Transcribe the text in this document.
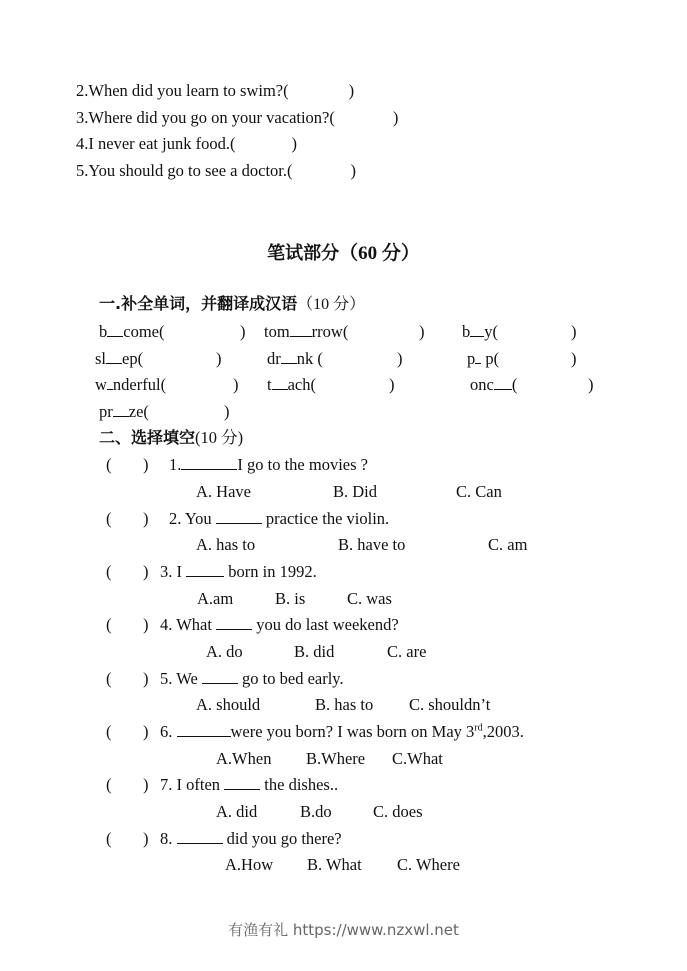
2.When did you learn to swim?(	)
3.Where did you go on your vacation?(	)
4.I never eat junk food.(	)
5.You should go to see a doctor.(	)
笔试部分（60 分）
一.补全单词，并翻译成汉语（10 分）
b come(	) tom rrow(	) b y(	)
sl ep(	)	dr nk (	)	p p(	)
w nderful(	) t ach(	)	onc (	)
pr ze(	)
二、选择填空(10 分)
( ) 1.	I go to the movies ?
A. Have	B. Did	C. Can
( ) 2. You	practice the violin.
A. has to	B. have to	C. am
( ) 3. I	born in 1992.
A.am	B. is	C. was
( ) 4. What	you do last weekend?
A. do	B. did	C. are
( ) 5. We	go to bed early.
A. should	B. has to C. shouldn’t
( ) 6.	were you born? I was born on May 3rd,2003.
A.When B.Where C.What
( ) 7. I often	the dishes..
A. did	B.do	C. does
( ) 8.	did you go there?
A.How B. What C. Where
有渔有礼 https://www.nzxwl.net
